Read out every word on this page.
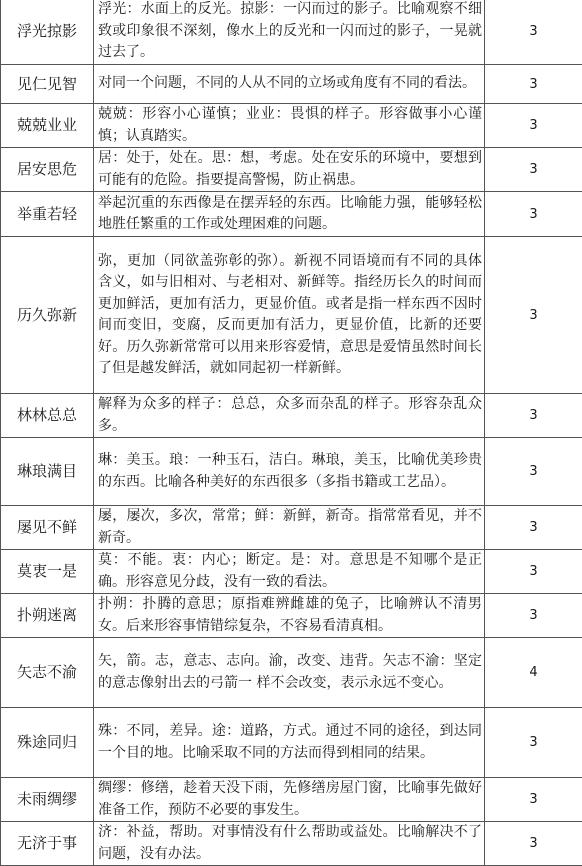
浮光掠影	浮光：水面上的反光。掠影：一闪而过的影子。比喻观察不细致或印象很不深刻，像水上的反光和一闪而过的影子，一晃就过去了。	3
见仁见智	对同一个问题，不同的人从不同的立场或角度有不同的看法。	3
兢兢业业	兢兢：形容小心谨慎；业业：畏惧的样子。形容做事小心谨慎；认真踏实。	3
居安思危	居：处于，处在。思：想，考虑。处在安乐的环境中，要想到可能有的危险。指要提高警惕，防止祸患。	3
举重若轻	举起沉重的东西像是在摆弄轻的东西。比喻能力强，能够轻松地胜任繁重的工作或处理困难的问题。	3
历久弥新	弥，更加（同欲盖弥彰的弥）。新视不同语境而有不同的具体含义，如与旧相对、与老相对、新鲜等。指经历长久的时间而更加鲜活，更加有活力，更显价值。或者是指一样东西不因时间而变旧，变腐，反而更加有活力，更显价值，比新的还要好。历久弥新常常可以用来形容爱情，意思是爱情虽然时间长了但是越发鲜活，就如同起初一样新鲜。	3
林林总总	解释为众多的样子：总总，众多而杂乱的样子。形容杂乱众多。	3
琳琅满目	琳：美玉。琅：一种玉石，洁白。琳琅，美玉，比喻优美珍贵的东西。比喻各种美好的东西很多（多指书籍或工艺品）。	3
屡见不鲜	屡，屡次，多次，常常；鲜：新鲜，新奇。指常常看见，并不新奇。	3
莫衷一是	莫：不能。衷：内心；断定。是：对。意思是不知哪个是正确。形容意见分歧，没有一致的看法。	3
扑朔迷离	扑朔：扑腾的意思；原指难辨雌雄的兔子，比喻辨认不清男女。后来形容事情错综复杂，不容易看清真相。	3
矢志不渝	矢，箭。志，意志、志向。渝，改变、违背。矢志不渝：坚定的意志像射出去的弓箭一 样不会改变，表示永远不变心。	4
殊途同归	殊：不同，差异。途：道路，方式。通过不同的途径，到达同一个目的地。比喻采取不同的方法而得到相同的结果。	3
未雨绸缪	绸缪：修缮，趁着天没下雨，先修缮房屋门窗，比喻事先做好准备工作，预防不必要的事发生。	3
无济于事	济：补益，帮助。对事情没有什么帮助或益处。比喻解决不了问题，没有办法。	3
